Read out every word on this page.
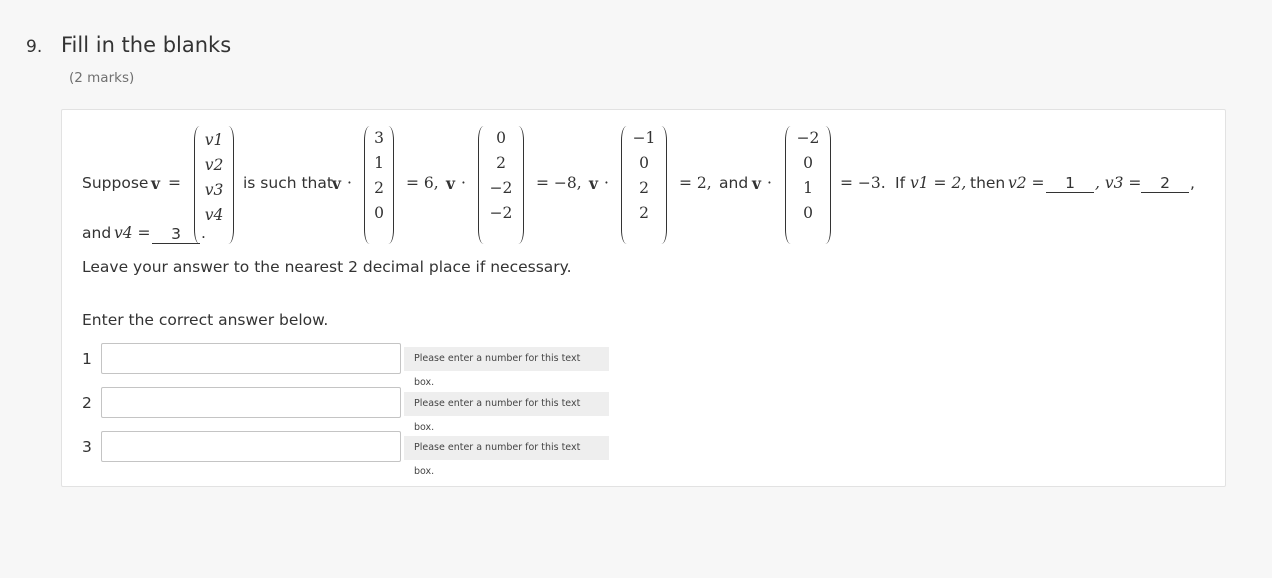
9. Fill in the blanks
(2 marks)
Suppose v =
v1
v2
v3
v4
is such that v ·
3
1
2
0
= 6, v ·
0
2
−2
−2
= −8, v ·
−1
0
2
2
= 2, and v ·
−2
0
1
0
= −3. If v1 = 2, then v2 =	1	, v3 =	2	,
and v4 =	3	.
Leave your answer to the nearest 2 decimal place if necessary.
Enter the correct answer below.
1	Please enter a number for this text box.
2	Please enter a number for this text box.
3	Please enter a number for this text box.
